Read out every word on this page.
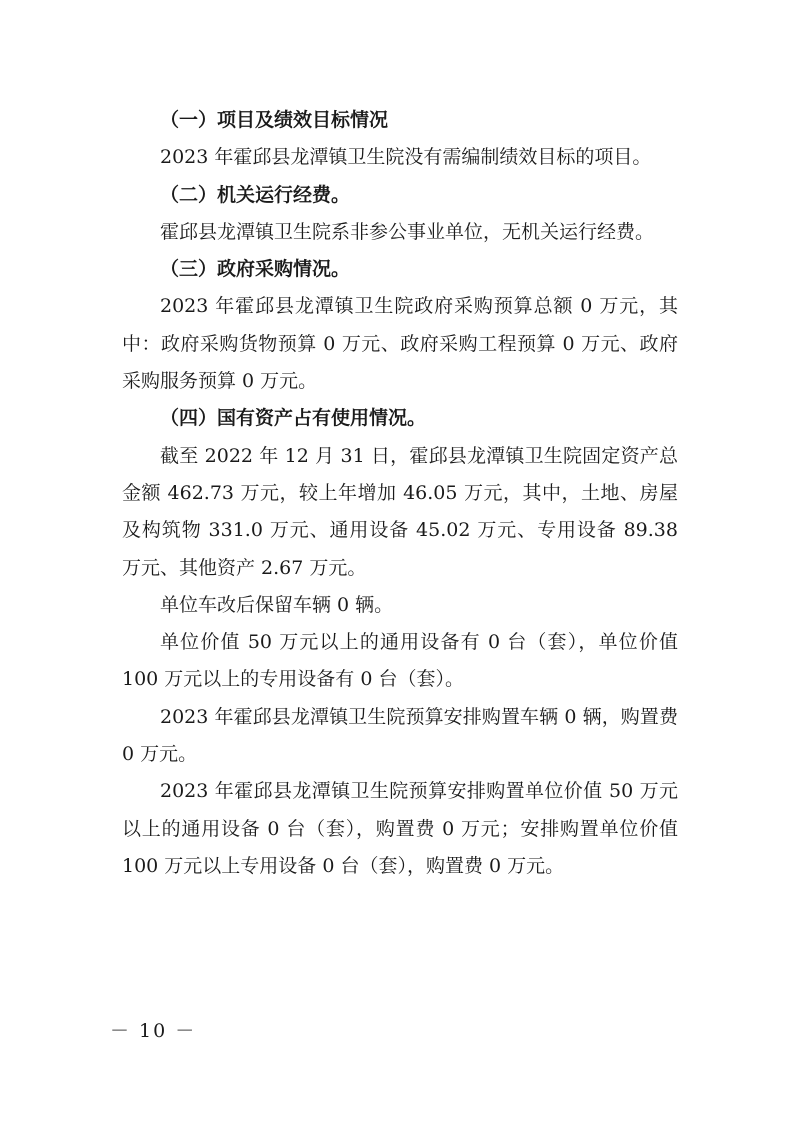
（一）项目及绩效目标情况

2023 年霍邱县龙潭镇卫生院没有需编制绩效目标的项目。

（二）机关运行经费。

霍邱县龙潭镇卫生院系非参公事业单位，无机关运行经费。

（三）政府采购情况。

2023 年霍邱县龙潭镇卫生院政府采购预算总额 0 万元，其中：政府采购货物预算 0 万元、政府采购工程预算 0 万元、政府采购服务预算 0 万元。

（四）国有资产占有使用情况。

截至 2022 年 12 月 31 日，霍邱县龙潭镇卫生院固定资产总金额 462.73 万元，较上年增加 46.05 万元，其中，土地、房屋及构筑物 331.0 万元、通用设备 45.02 万元、专用设备 89.38 万元、其他资产 2.67 万元。

单位车改后保留车辆 0 辆。

单位价值 50 万元以上的通用设备有 0 台（套），单位价值 100 万元以上的专用设备有 0 台（套）。

2023 年霍邱县龙潭镇卫生院预算安排购置车辆 0 辆，购置费 0 万元。

2023 年霍邱县龙潭镇卫生院预算安排购置单位价值 50 万元以上的通用设备 0 台（套），购置费 0 万元；安排购置单位价值 100 万元以上专用设备 0 台（套），购置费 0 万元。

－ 10 －
